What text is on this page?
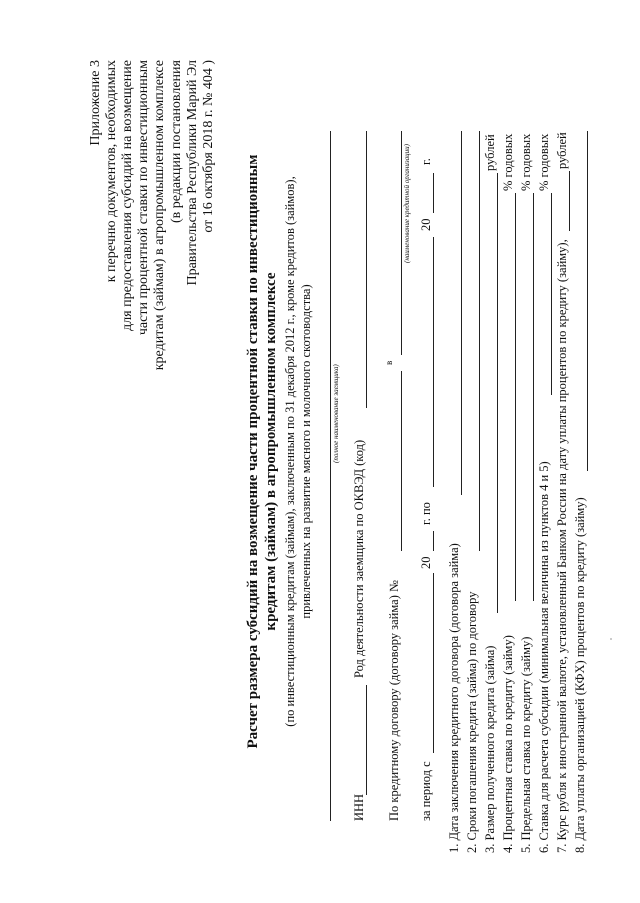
Приложение 3 к перечню документов, необходимых для предоставления субсидий на возмещение части процентной ставки по инвестиционным кредитам (займам) в агропромышленном комплексе (в редакции постановления Правительства Республики Марий Эл от 16 октября 2018 г. № 404 )
Расчет размера субсидий на возмещение части процентной ставки по инвестиционным кредитам (займам) в агропромышленном комплексе (по инвестиционным кредитам (займам), заключенным по 31 декабря 2012 г., кроме кредитов (займов), привлеченных на развитие мясного и молочного скотоводства)	(полное наименование заемщика)
ИНН
Род деятельности заемщика по ОКВЭД (код)
По кредитному договору (договору займа) №
в
(наименование кредитной организации)
за период с
20
г. по
20
г.
1. Дата заключения кредитного договора (договора займа) 2. Сроки погашения кредита (займа) по договору 3. Размер полученного кредита (займа)
рублей
4. Процентная ставка по кредиту (займу)
% годовых
5. Предельная ставка по кредиту (займу)
% годовых
6. Ставка для расчета субсидии (минимальная величина из пунктов 4 и 5)
% годовых
7. Курс рубля к иностранной валюте, установленный Банком России на дату уплаты процентов по кредиту (займу),
рублей
8. Дата уплаты организацией (КФХ) процентов по кредиту (займу)
